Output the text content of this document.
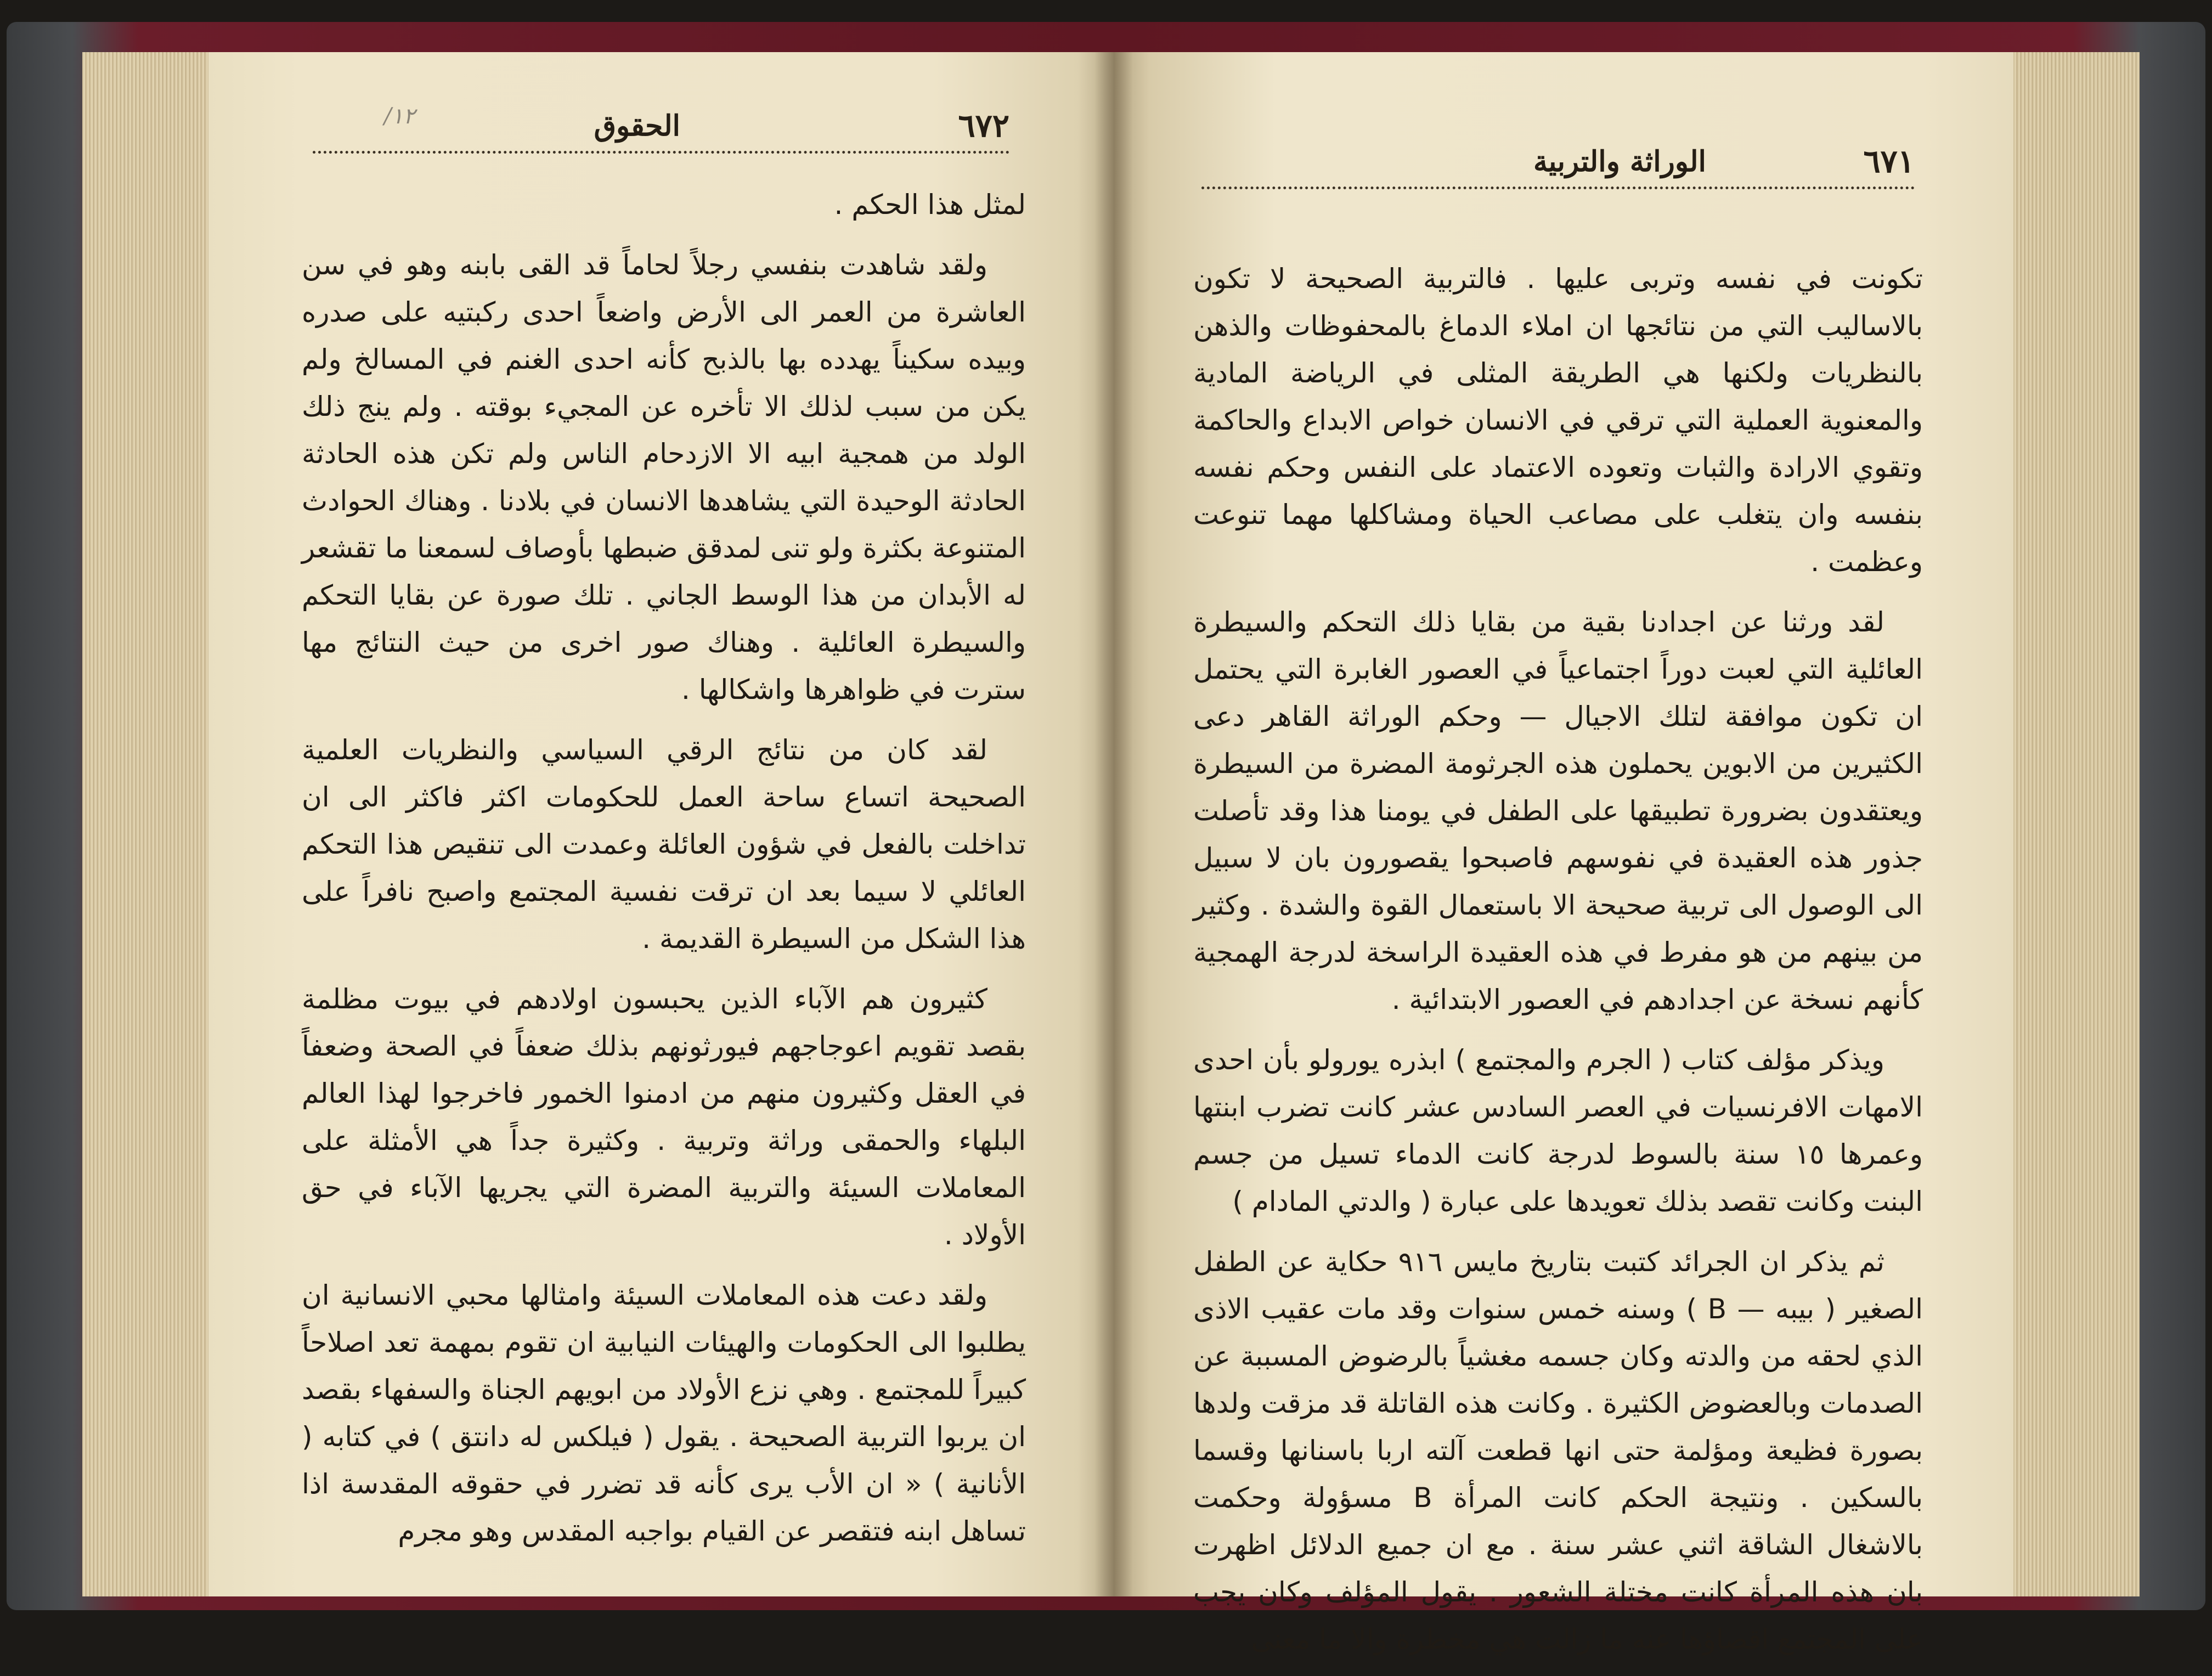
٦٧٢
الحقوق
١٢/

لمثل هذا الحكم .

ولقد شاهدت بنفسي رجلاً لحاماً قد القى بابنه وهو في سن العاشرة من العمر الى الأرض واضعاً احدى ركبتيه على صدره وبيده سكيناً يهدده بها بالذبح كأنه احدى الغنم في المسالخ ولم يكن من سبب لذلك الا تأخره عن المجيء بوقته . ولم ينج ذلك الولد من همجية ابيه الا الازدحام الناس ولم تكن هذه الحادثة الحادثة الوحيدة التي يشاهدها الانسان في بلادنا . وهناك الحوادث المتنوعة بكثرة ولو تنى لمدقق ضبطها بأوصاف لسمعنا ما تقشعر له الأبدان من هذا الوسط الجاني . تلك صورة عن بقايا التحكم والسيطرة العائلية . وهناك صور اخرى من حيث النتائج مها سترت في ظواهرها واشكالها .

لقد كان من نتائج الرقي السياسي والنظريات العلمية الصحيحة اتساع ساحة العمل للحكومات اكثر فاكثر الى ان تداخلت بالفعل في شؤون العائلة وعمدت الى تنقيص هذا التحكم العائلي لا سيما بعد ان ترقت نفسية المجتمع واصبح نافراً على هذا الشكل من السيطرة القديمة .

كثيرون هم الآباء الذين يحبسون اولادهم في بيوت مظلمة بقصد تقويم اعوجاجهم فيورثونهم بذلك ضعفاً في الصحة وضعفاً في العقل وكثيرون منهم من ادمنوا الخمور فاخرجوا لهذا العالم البلهاء والحمقى وراثة وتربية . وكثيرة جداً هي الأمثلة على المعاملات السيئة والتربية المضرة التي يجريها الآباء في حق الأولاد .

ولقد دعت هذه المعاملات السيئة وامثالها محبي الانسانية ان يطلبوا الى الحكومات والهيئات النيابية ان تقوم بمهمة تعد اصلاحاً كبيراً للمجتمع . وهي نزع الأولاد من ابويهم الجناة والسفهاء بقصد ان يربوا التربية الصحيحة . يقول ( فيلكس له دانتق ) في كتابه ( الأنانية ) « ان الأب يرى كأنه قد تضرر في حقوقه المقدسة اذا تساهل ابنه فتقصر عن القيام بواجبه المقدس وهو مجرم

٦٧١
الوراثة والتربية

تكونت في نفسه وتربى عليها . فالتربية الصحيحة لا تكون بالاساليب التي من نتائجها ان املاء الدماغ بالمحفوظات والذهن بالنظريات ولكنها هي الطريقة المثلى في الرياضة المادية والمعنوية العملية التي ترقي في الانسان خواص الابداع والحاكمة وتقوي الارادة والثبات وتعوده الاعتماد على النفس وحكم نفسه بنفسه وان يتغلب على مصاعب الحياة ومشاكلها مهما تنوعت وعظمت .

لقد ورثنا عن اجدادنا بقية من بقايا ذلك التحكم والسيطرة العائلية التي لعبت دوراً اجتماعياً في العصور الغابرة التي يحتمل ان تكون موافقة لتلك الاجيال — وحكم الوراثة القاهر دعى الكثيرين من الابوين يحملون هذه الجرثومة المضرة من السيطرة ويعتقدون بضرورة تطبيقها على الطفل في يومنا هذا وقد تأصلت جذور هذه العقيدة في نفوسهم فاصبحوا يقصورون بان لا سبيل الى الوصول الى تربية صحيحة الا باستعمال القوة والشدة . وكثير من بينهم من هو مفرط في هذه العقيدة الراسخة لدرجة الهمجية كأنهم نسخة عن اجدادهم في العصور الابتدائية .

ويذكر مؤلف كتاب ( الجرم والمجتمع ) ابذره يورولو بأن احدى الامهات الافرنسيات في العصر السادس عشر كانت تضرب ابنتها وعمرها ١٥ سنة بالسوط لدرجة كانت الدماء تسيل من جسم البنت وكانت تقصد بذلك تعويدها على عبارة ( والدتي المادام )

ثم يذكر ان الجرائد كتبت بتاريخ مايس ٩١٦ حكاية عن الطفل الصغير ( بيبه — B ) وسنه خمس سنوات وقد مات عقيب الاذى الذي لحقه من والدته وكان جسمه مغشياً بالرضوض المسببة عن الصدمات وبالعضوض الكثيرة . وكانت هذه القاتلة قد مزقت ولدها بصورة فظيعة ومؤلمة حتى انها قطعت آلته اربا باسنانها وقسما بالسكين . ونتيجة الحكم كانت المرأة B مسؤولة وحكمت بالاشغال الشاقة اثني عشر سنة . مع ان جميع الدلائل اظهرت بان هذه المرأة كانت مختلة الشعور . يقول المؤلف وكان يجب على المجتمع اقصاؤها عنه ما زالت هي مخطرة والا ما معنى
